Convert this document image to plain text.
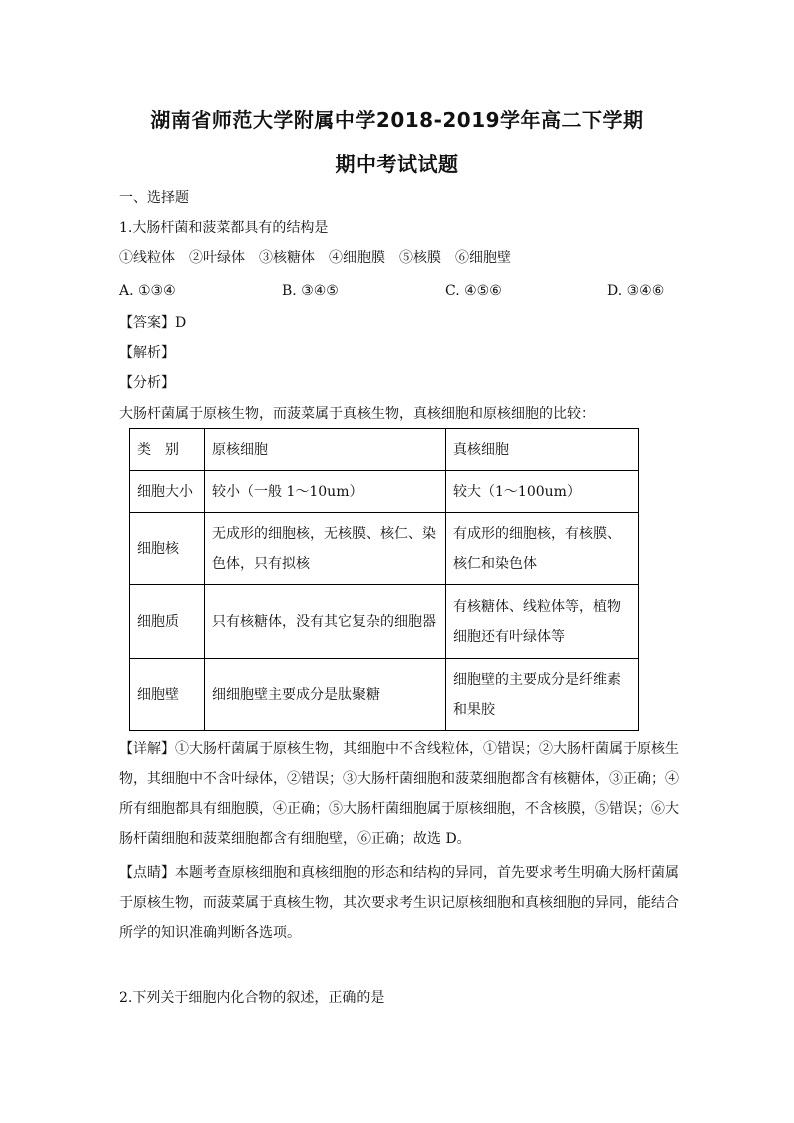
湖南省师范大学附属中学2018-2019学年高二下学期
期中考试试题
一、选择题
1.大肠杆菌和菠菜都具有的结构是
①线粒体　②叶绿体　③核糖体　④细胞膜　⑤核膜　⑥细胞壁
A. ①③④	B. ③④⑤	C. ④⑤⑥	D. ③④⑥
【答案】D
【解析】
【分析】
大肠杆菌属于原核生物，而菠菜属于真核生物，真核细胞和原核细胞的比较：
类　别	原核细胞	真核细胞
细胞大小	较小（一般 1～10um）	较大（1～100um）
细胞核	无成形的细胞核，无核膜、核仁、染色体，只有拟核	有成形的细胞核，有核膜、核仁和染色体
细胞质	只有核糖体，没有其它复杂的细胞器	有核糖体、线粒体等，植物细胞还有叶绿体等
细胞壁	细细胞壁主要成分是肽聚糖	细胞壁的主要成分是纤维素和果胶
【详解】①大肠杆菌属于原核生物，其细胞中不含线粒体，①错误；②大肠杆菌属于原核生物，其细胞中不含叶绿体，②错误；③大肠杆菌细胞和菠菜细胞都含有核糖体，③正确；④所有细胞都具有细胞膜，④正确；⑤大肠杆菌细胞属于原核细胞，不含核膜，⑤错误；⑥大肠杆菌细胞和菠菜细胞都含有细胞壁，⑥正确；故选 D。
【点睛】本题考查原核细胞和真核细胞的形态和结构的异同，首先要求考生明确大肠杆菌属于原核生物，而菠菜属于真核生物，其次要求考生识记原核细胞和真核细胞的异同，能结合所学的知识准确判断各选项。
2.下列关于细胞内化合物的叙述，正确的是
